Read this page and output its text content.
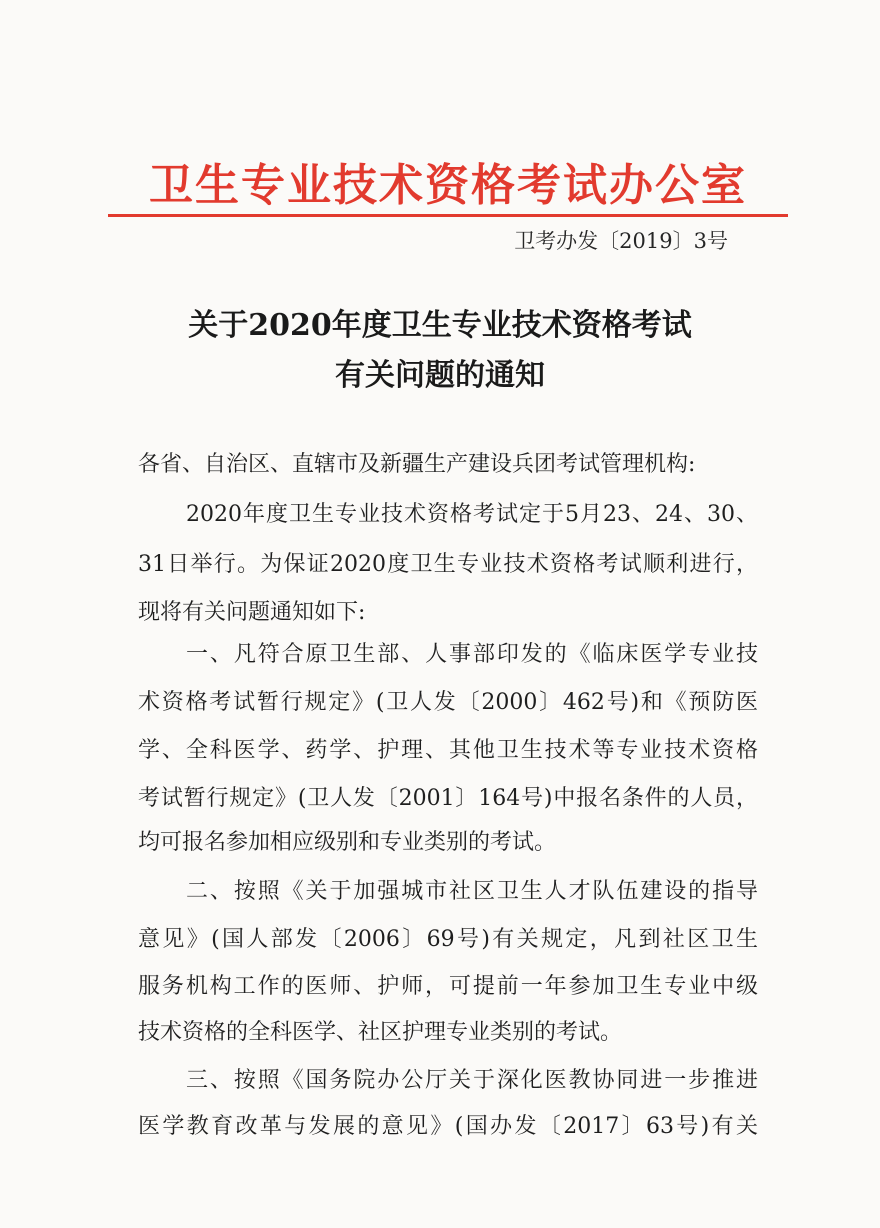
卫生专业技术资格考试办公室
卫考办发〔2019〕3号
关于2020年度卫生专业技术资格考试
有关问题的通知
各省、自治区、直辖市及新疆生产建设兵团考试管理机构:
2020年度卫生专业技术资格考试定于5月23、24、30、
31日举行。为保证2020度卫生专业技术资格考试顺利进行，
现将有关问题通知如下:
一、凡符合原卫生部、人事部印发的《临床医学专业技
术资格考试暂行规定》(卫人发〔2000〕462号)和《预防医
学、全科医学、药学、护理、其他卫生技术等专业技术资格
考试暂行规定》(卫人发〔2001〕164号)中报名条件的人员，
均可报名参加相应级别和专业类别的考试。
二、按照《关于加强城市社区卫生人才队伍建设的指导
意见》(国人部发〔2006〕69号)有关规定，凡到社区卫生
服务机构工作的医师、护师，可提前一年参加卫生专业中级
技术资格的全科医学、社区护理专业类别的考试。
三、按照《国务院办公厅关于深化医教协同进一步推进
医学教育改革与发展的意见》(国办发〔2017〕63号)有关
